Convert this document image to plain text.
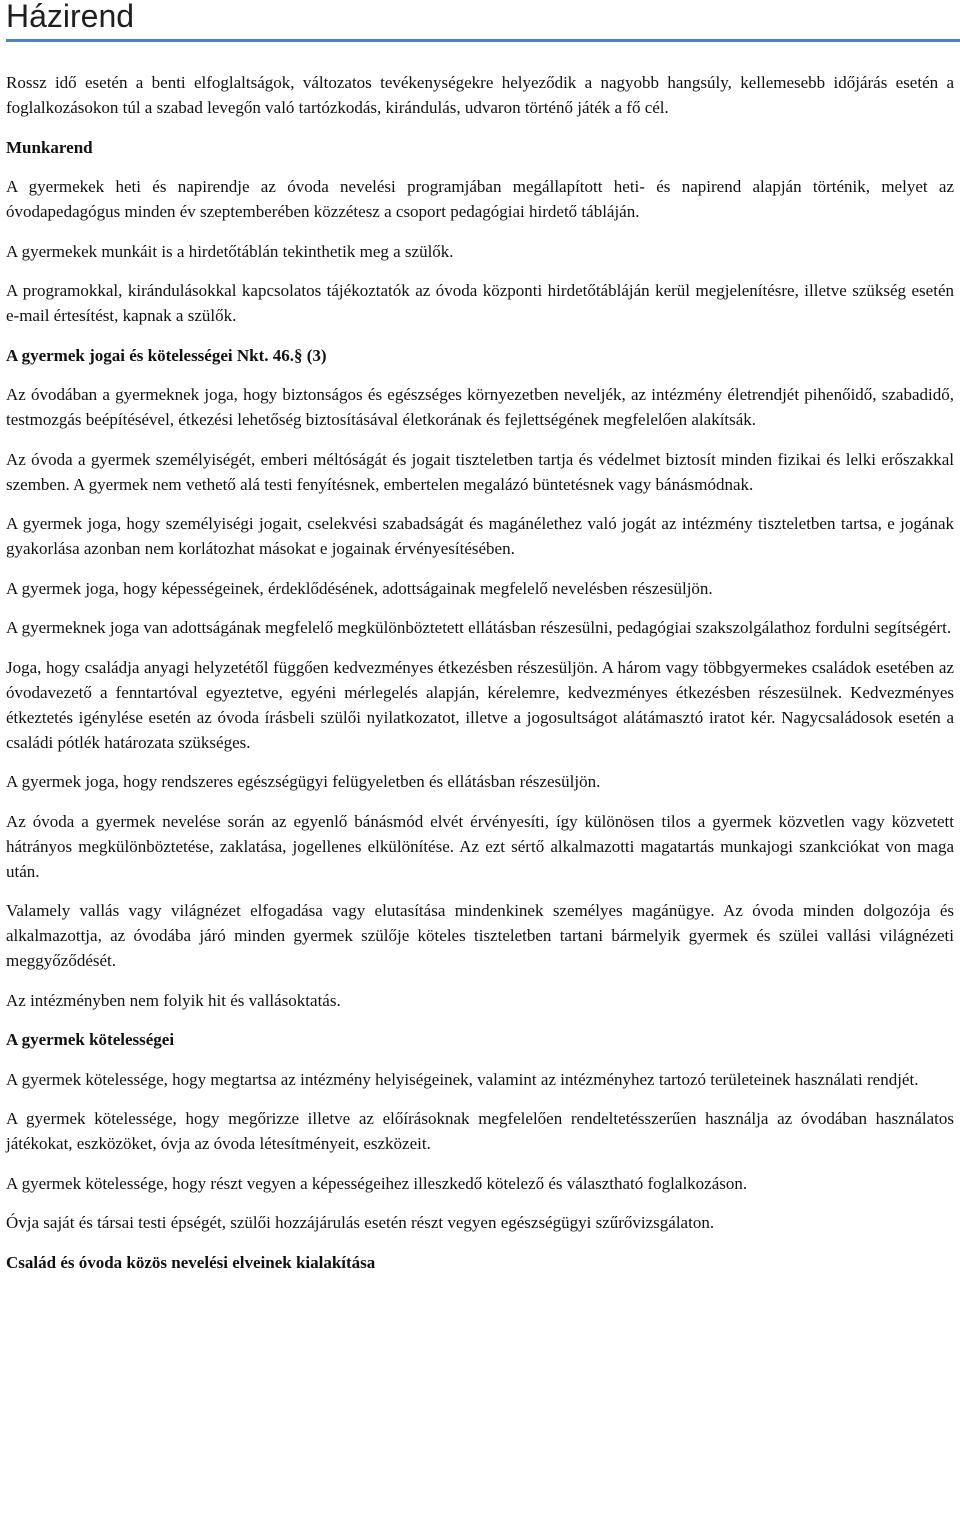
Házirend

Rossz idő esetén a benti elfoglaltságok, változatos tevékenységekre helyeződik a nagyobb hangsúly, kellemesebb időjárás esetén a foglalkozásokon túl a szabad levegőn való tartózkodás, kirándulás, udvaron történő játék a fő cél.

Munkarend

A gyermekek heti és napirendje az óvoda nevelési programjában megállapított heti- és napirend alapján történik, melyet az óvodapedagógus minden év szeptemberében közzétesz a csoport pedagógiai hirdető tábláján.

A gyermekek munkáit is a hirdetőtáblán tekinthetik meg a szülők.

A programokkal, kirándulásokkal kapcsolatos tájékoztatók az óvoda központi hirdetőtábláján kerül megjelenítésre, illetve szükség esetén e-mail értesítést, kapnak a szülők.

A gyermek jogai és kötelességei Nkt. 46.§ (3)

Az óvodában a gyermeknek joga, hogy biztonságos és egészséges környezetben neveljék, az intézmény életrendjét pihenőidő, szabadidő, testmozgás beépítésével, étkezési lehetőség biztosításával életkorának és fejlettségének megfelelően alakítsák.

Az óvoda a gyermek személyiségét, emberi méltóságát és jogait tiszteletben tartja és védelmet biztosít minden fizikai és lelki erőszakkal szemben. A gyermek nem vethető alá testi fenyítésnek, embertelen megalázó büntetésnek vagy bánásmódnak.

A gyermek joga, hogy személyiségi jogait, cselekvési szabadságát és magánélethez való jogát az intézmény tiszteletben tartsa, e jogának gyakorlása azonban nem korlátozhat másokat e jogainak érvényesítésében.

A gyermek joga, hogy képességeinek, érdeklődésének, adottságainak megfelelő nevelésben részesüljön.

A gyermeknek joga van adottságának megfelelő megkülönböztetett ellátásban részesülni, pedagógiai szakszolgálathoz fordulni segítségért.

Joga, hogy családja anyagi helyzetétől függően kedvezményes étkezésben részesüljön. A három vagy többgyermekes családok esetében az óvodavezető a fenntartóval egyeztetve, egyéni mérlegelés alapján, kérelemre, kedvezményes étkezésben részesülnek. Kedvezményes étkeztetés igénylése esetén az óvoda írásbeli szülői nyilatkozatot, illetve a jogosultságot alátámasztó iratot kér. Nagycsaládosok esetén a családi pótlék határozata szükséges.

A gyermek joga, hogy rendszeres egészségügyi felügyeletben és ellátásban részesüljön.

Az óvoda a gyermek nevelése során az egyenlő bánásmód elvét érvényesíti, így különösen tilos a gyermek közvetlen vagy közvetett hátrányos megkülönböztetése, zaklatása, jogellenes elkülönítése. Az ezt sértő alkalmazotti magatartás munkajogi szankciókat von maga után.

Valamely vallás vagy világnézet elfogadása vagy elutasítása mindenkinek személyes magánügye. Az óvoda minden dolgozója és alkalmazottja, az óvodába járó minden gyermek szülője köteles tiszteletben tartani bármelyik gyermek és szülei vallási világnézeti meggyőződését.

Az intézményben nem folyik hit és vallásoktatás.

A gyermek kötelességei

A gyermek kötelessége, hogy megtartsa az intézmény helyiségeinek, valamint az intézményhez tartozó területeinek használati rendjét.

A gyermek kötelessége, hogy megőrizze illetve az előírásoknak megfelelően rendeltetésszerűen használja az óvodában használatos játékokat, eszközöket, óvja az óvoda létesítményeit, eszközeit.

A gyermek kötelessége, hogy részt vegyen a képességeihez illeszkedő kötelező és választható foglalkozáson.

Óvja saját és társai testi épségét, szülői hozzájárulás esetén részt vegyen egészségügyi szűrővizsgálaton.

Család és óvoda közös nevelési elveinek kialakítása
